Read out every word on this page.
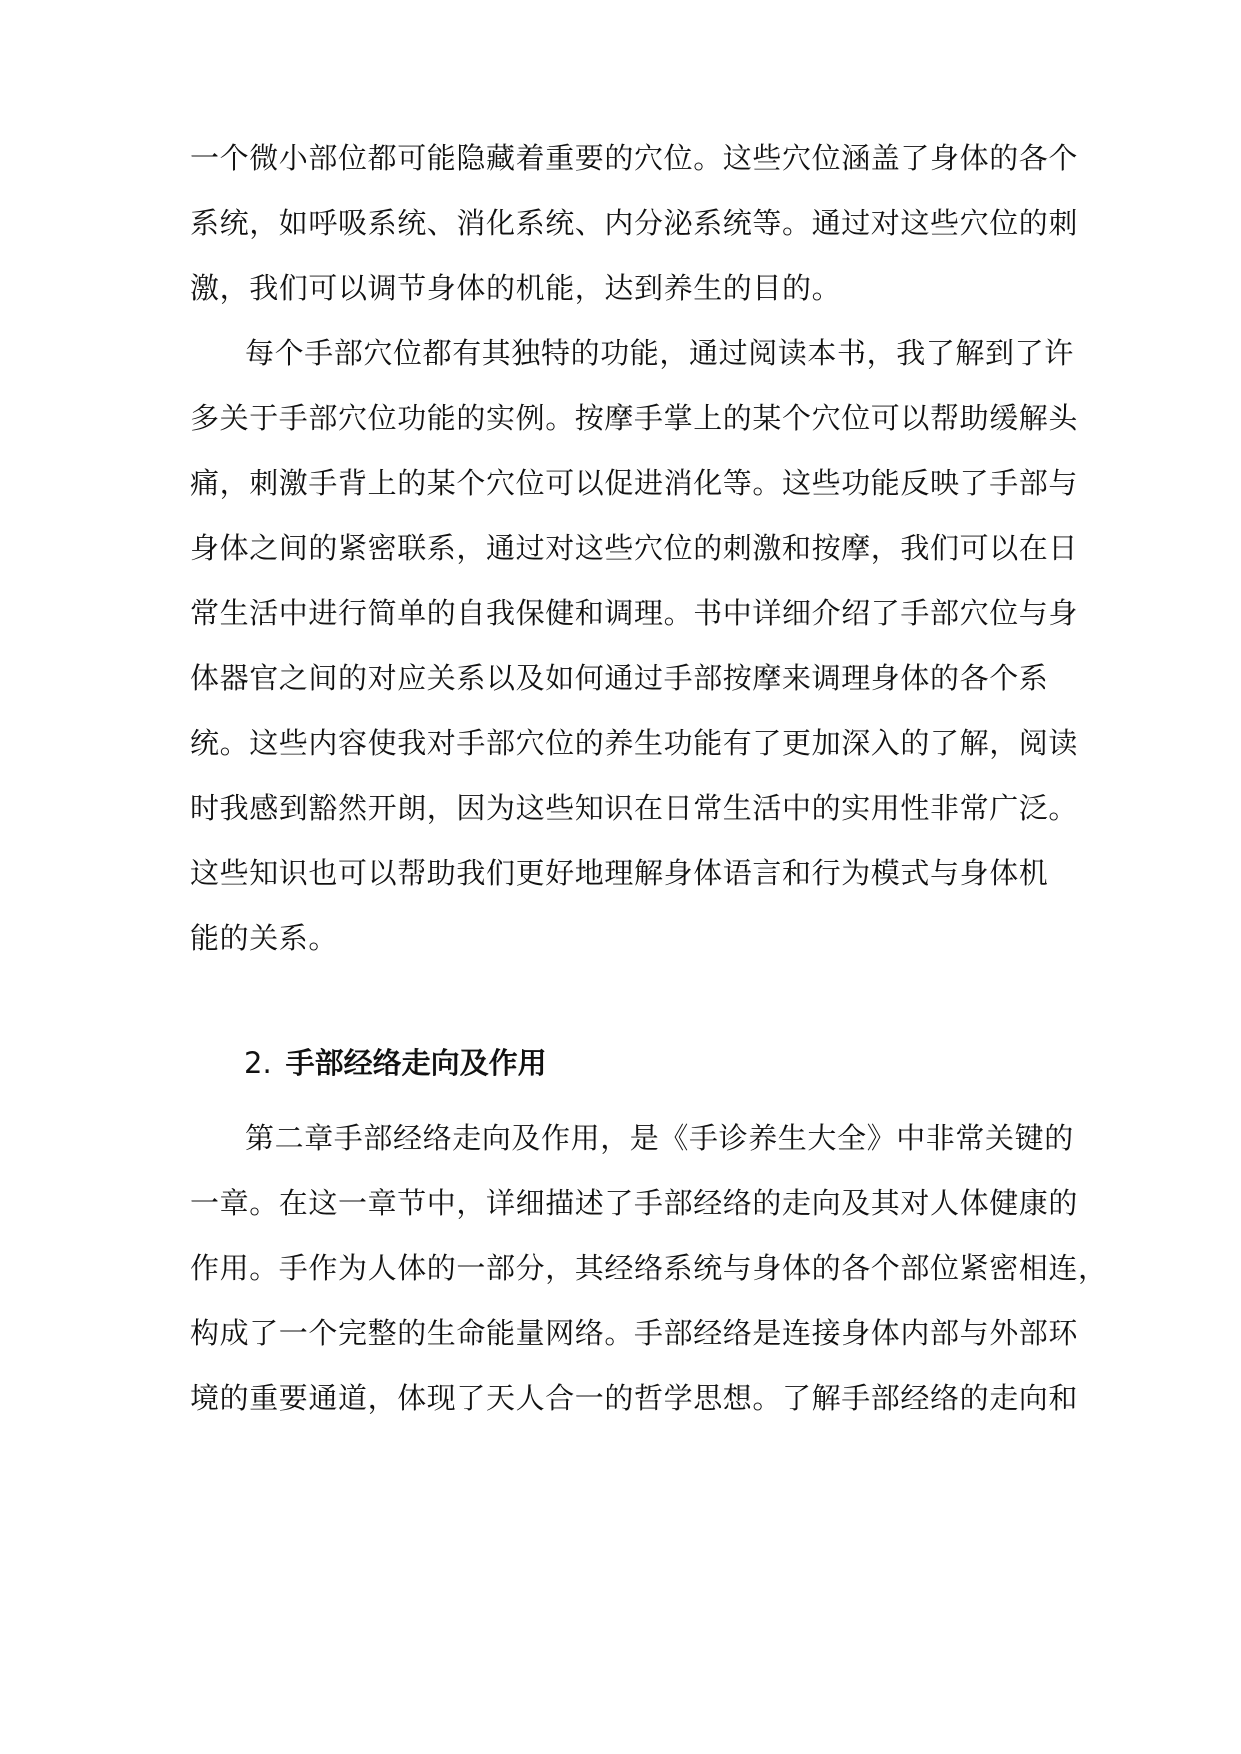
一个微小部位都可能隐藏着重要的穴位。这些穴位涵盖了身体的各个
系统，如呼吸系统、消化系统、内分泌系统等。通过对这些穴位的刺
激，我们可以调节身体的机能，达到养生的目的。
每个手部穴位都有其独特的功能，通过阅读本书，我了解到了许
多关于手部穴位功能的实例。按摩手掌上的某个穴位可以帮助缓解头
痛，刺激手背上的某个穴位可以促进消化等。这些功能反映了手部与
身体之间的紧密联系，通过对这些穴位的刺激和按摩，我们可以在日
常生活中进行简单的自我保健和调理。书中详细介绍了手部穴位与身
体器官之间的对应关系以及如何通过手部按摩来调理身体的各个系
统。这些内容使我对手部穴位的养生功能有了更加深入的了解，阅读
时我感到豁然开朗，因为这些知识在日常生活中的实用性非常广泛。
这些知识也可以帮助我们更好地理解身体语言和行为模式与身体机
能的关系。
2. 手部经络走向及作用
第二章手部经络走向及作用，是《手诊养生大全》中非常关键的
一章。在这一章节中，详细描述了手部经络的走向及其对人体健康的
作用。手作为人体的一部分，其经络系统与身体的各个部位紧密相连，
构成了一个完整的生命能量网络。手部经络是连接身体内部与外部环
境的重要通道，体现了天人合一的哲学思想。了解手部经络的走向和
